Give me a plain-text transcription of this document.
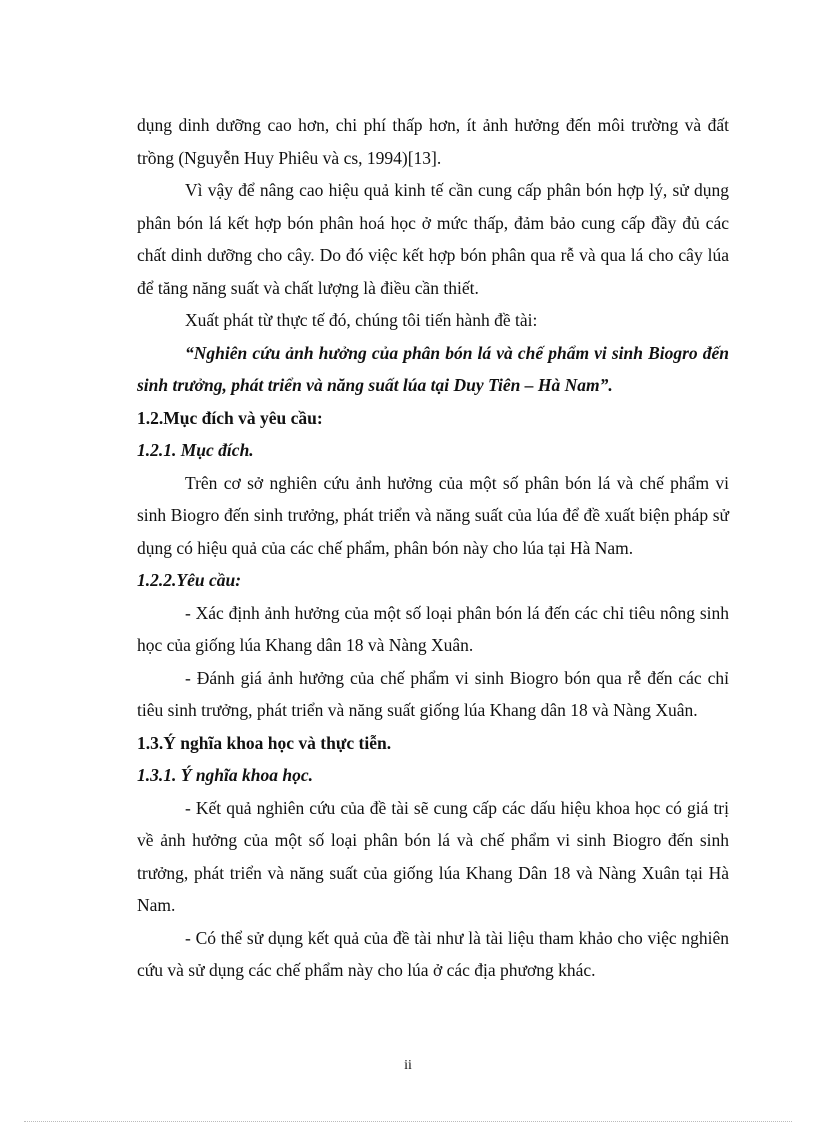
dụng dinh dưỡng cao hơn, chi phí thấp hơn, ít ảnh hưởng đến môi trường và đất trồng (Nguyễn Huy Phiêu và cs, 1994)[13].

Vì vậy để nâng cao hiệu quả kinh tế cần cung cấp phân bón hợp lý, sử dụng phân bón lá kết hợp bón phân hoá học ở mức thấp, đảm bảo cung cấp đầy đủ các chất dinh dưỡng cho cây. Do đó việc kết hợp bón phân qua rễ và qua lá cho cây lúa để tăng năng suất và chất lượng là điều cần thiết.

Xuất phát từ thực tế đó, chúng tôi tiến hành đề tài:

“Nghiên cứu ảnh hưởng của phân bón lá và chế phẩm vi sinh Biogro đến sinh trưởng, phát triển và năng suất lúa tại Duy Tiên – Hà Nam”.

1.2.Mục đích và yêu cầu:

1.2.1. Mục đích.

Trên cơ sở nghiên cứu ảnh hưởng của một số phân bón lá và chế phẩm vi sinh Biogro đến sinh trưởng, phát triển và năng suất của lúa để đề xuất biện pháp sử dụng có hiệu quả của các chế phẩm, phân bón này cho lúa tại Hà Nam.

1.2.2.Yêu cầu:

- Xác định ảnh hưởng của một số loại phân bón lá đến các chỉ tiêu nông sinh học của giống lúa Khang dân 18 và Nàng Xuân.

- Đánh giá ảnh hưởng của chế phẩm vi sinh Biogro bón qua rễ đến các chỉ tiêu sinh trưởng, phát triển và năng suất giống lúa Khang dân 18 và Nàng Xuân.

1.3.Ý nghĩa khoa học và thực tiễn.

1.3.1. Ý nghĩa khoa học.

- Kết quả nghiên cứu của đề tài sẽ cung cấp các dấu hiệu khoa học có giá trị về ảnh hưởng của một số loại phân bón lá và chế phẩm vi sinh Biogro đến sinh trưởng, phát triển và năng suất của giống lúa Khang Dân 18 và Nàng Xuân tại Hà Nam.

- Có thể sử dụng kết quả của đề tài như là tài liệu tham khảo cho việc nghiên cứu và sử dụng các chế phẩm này cho lúa ở các địa phương khác.

ii
